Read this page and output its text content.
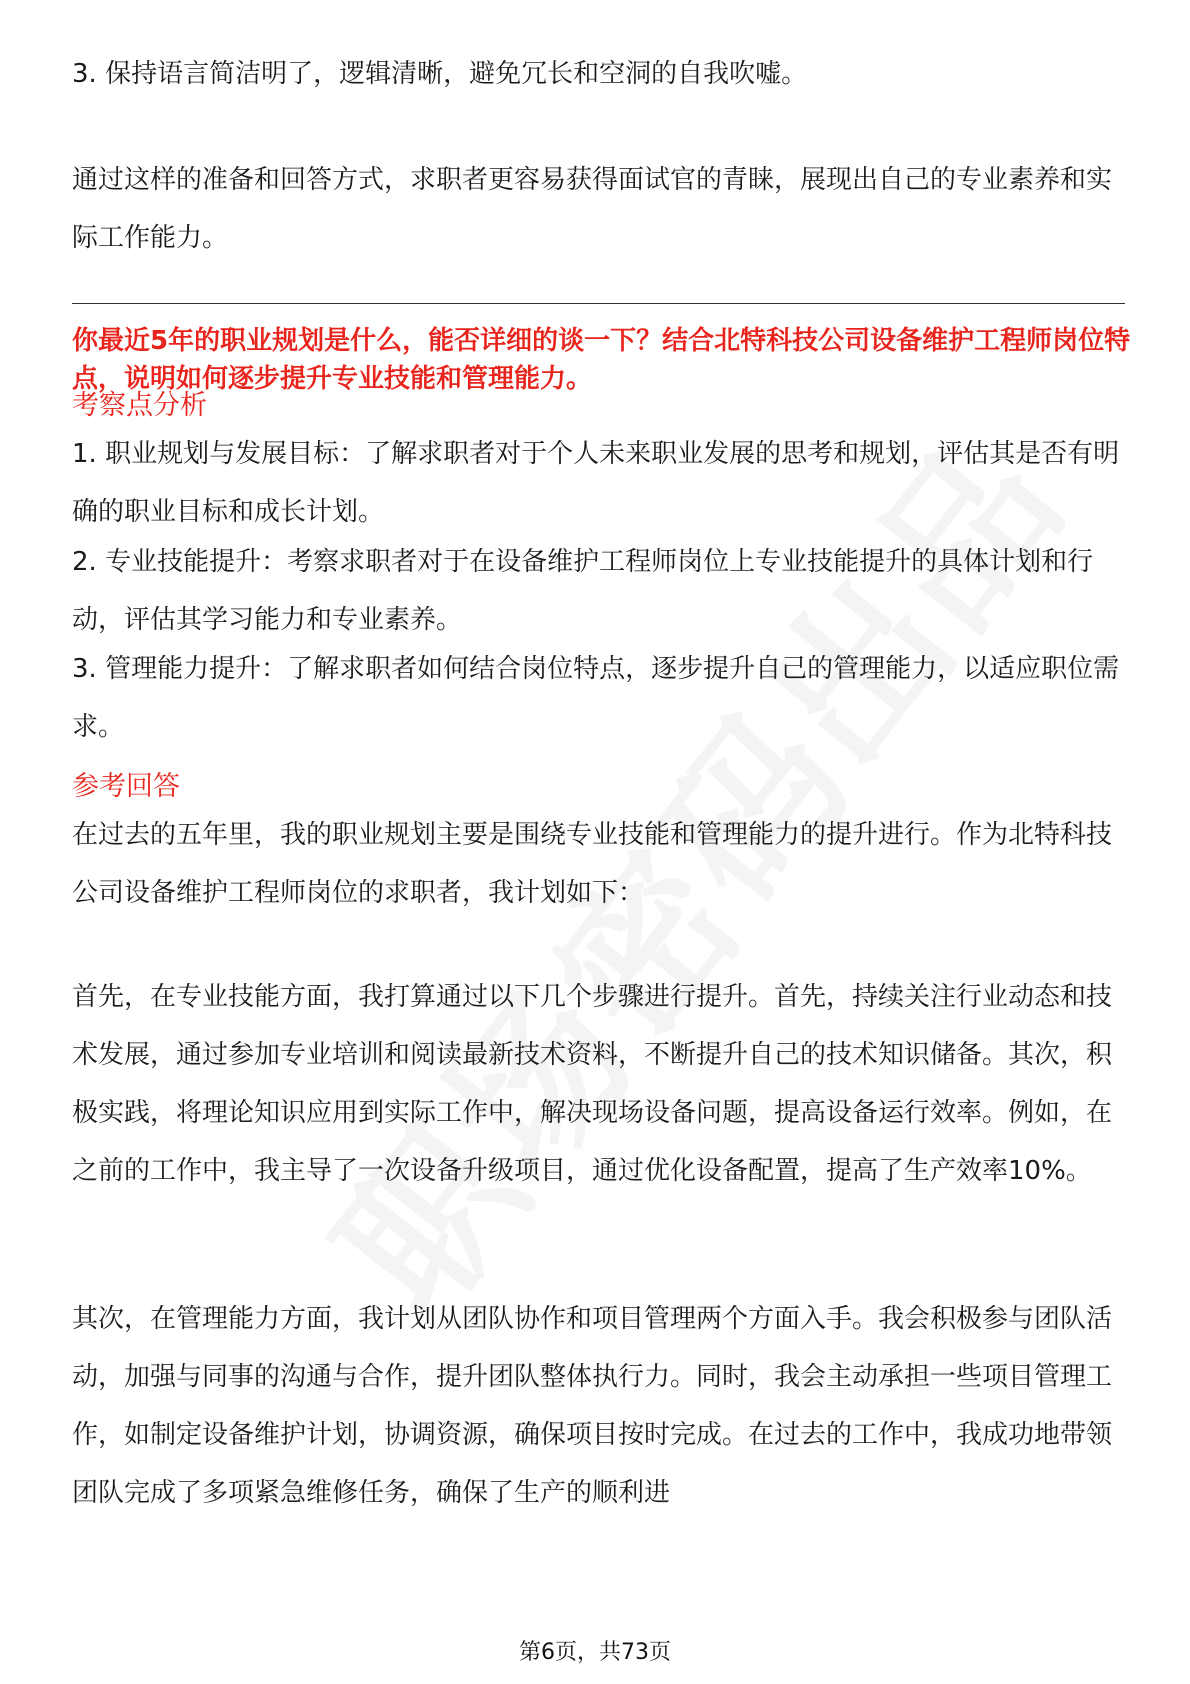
3. 保持语言简洁明了，逻辑清晰，避免冗长和空洞的自我吹嘘。

通过这样的准备和回答方式，求职者更容易获得面试官的青睐，展现出自己的专业素养和实际工作能力。

你最近5年的职业规划是什么，能否详细的谈一下？结合北特科技公司设备维护工程师岗位特点，说明如何逐步提升专业技能和管理能力。

考察点分析

1. 职业规划与发展目标：了解求职者对于个人未来职业发展的思考和规划，评估其是否有明确的职业目标和成长计划。

2. 专业技能提升：考察求职者对于在设备维护工程师岗位上专业技能提升的具体计划和行动，评估其学习能力和专业素养。

3. 管理能力提升：了解求职者如何结合岗位特点，逐步提升自己的管理能力，以适应职位需求。

参考回答

在过去的五年里，我的职业规划主要是围绕专业技能和管理能力的提升进行。作为北特科技公司设备维护工程师岗位的求职者，我计划如下：

首先，在专业技能方面，我打算通过以下几个步骤进行提升。首先，持续关注行业动态和技术发展，通过参加专业培训和阅读最新技术资料，不断提升自己的技术知识储备。其次，积极实践，将理论知识应用到实际工作中，解决现场设备问题，提高设备运行效率。例如，在之前的工作中，我主导了一次设备升级项目，通过优化设备配置，提高了生产效率10%。

其次，在管理能力方面，我计划从团队协作和项目管理两个方面入手。我会积极参与团队活动，加强与同事的沟通与合作，提升团队整体执行力。同时，我会主动承担一些项目管理工作，如制定设备维护计划，协调资源，确保项目按时完成。在过去的工作中，我成功地带领团队完成了多项紧急维修任务，确保了生产的顺利进

第6页，共73页
